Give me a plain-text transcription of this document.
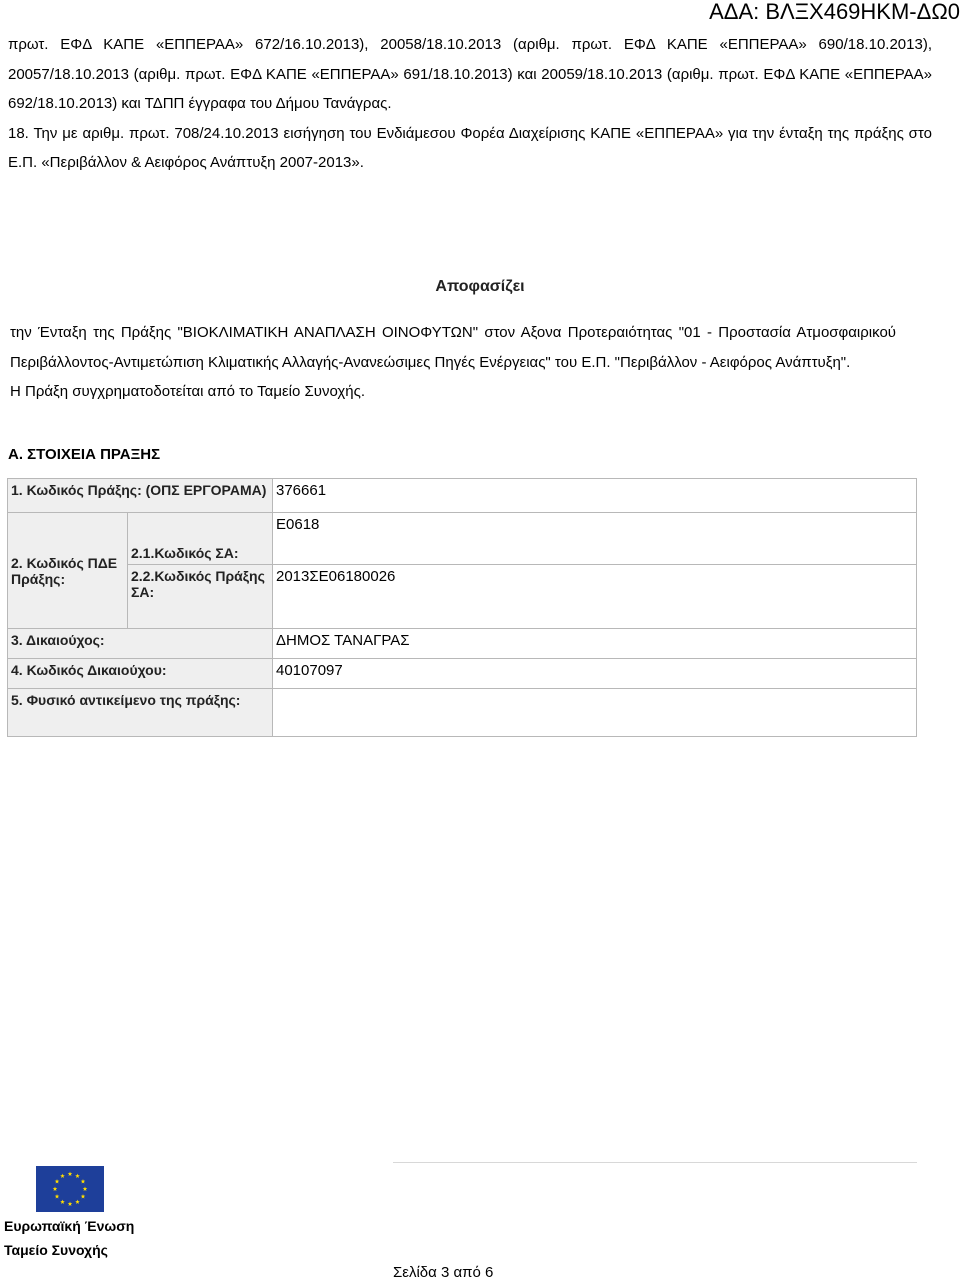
ΑΔΑ: ΒΛΞΧ469ΗΚΜ-ΔΩ0

πρωτ. ΕΦΔ ΚΑΠΕ «ΕΠΠΕΡΑΑ» 672/16.10.2013), 20058/18.10.2013 (αριθμ. πρωτ. ΕΦΔ ΚΑΠΕ «ΕΠΠΕΡΑΑ» 690/18.10.2013), 20057/18.10.2013 (αριθμ. πρωτ. ΕΦΔ ΚΑΠΕ «ΕΠΠΕΡΑΑ» 691/18.10.2013) και 20059/18.10.2013 (αριθμ. πρωτ. ΕΦΔ ΚΑΠΕ «ΕΠΠΕΡΑΑ» 692/18.10.2013) και ΤΔΠΠ έγγραφα του Δήμου Τανάγρας.

18. Την με αριθμ. πρωτ. 708/24.10.2013 εισήγηση του Ενδιάμεσου Φορέα Διαχείρισης ΚΑΠΕ «ΕΠΠΕΡΑΑ» για την ένταξη της πράξης στο Ε.Π. «Περιβάλλον & Αειφόρος Ανάπτυξη 2007-2013».

Αποφασίζει

την Ένταξη της Πράξης "ΒΙΟΚΛΙΜΑΤΙΚΗ ΑΝΑΠΛΑΣΗ ΟΙΝΟΦΥΤΩΝ" στον Αξονα Προτεραιότητας "01 - Προστασία Ατμοσφαιρικού Περιβάλλοντος-Αντιμετώπιση Κλιματικής Αλλαγής-Ανανεώσιμες Πηγές Ενέργειας" του Ε.Π. "Περιβάλλον - Αειφόρος Ανάπτυξη".

Η Πράξη συγχρηματοδοτείται από το Ταμείο Συνοχής.

Α. ΣΤΟΙΧΕΙΑ ΠΡΑΞΗΣ
1. Κωδικός Πράξης: (ΟΠΣ ΕΡΓΟΡΑΜΑ)		376661
2. Κωδικός ΠΔΕ Πράξης:	2.1.Κωδικός ΣΑ:	Ε0618
	2.2.Κωδικός Πράξης ΣΑ:	2013ΣΕ06180026
3. Δικαιούχος:		ΔΗΜΟΣ ΤΑΝΑΓΡΑΣ
4. Κωδικός Δικαιούχου:		40107097
5. Φυσικό αντικείμενο της πράξης:		
Ευρωπαϊκή Ένωση
Ταμείο Συνοχής
Σελίδα 3 από 6
